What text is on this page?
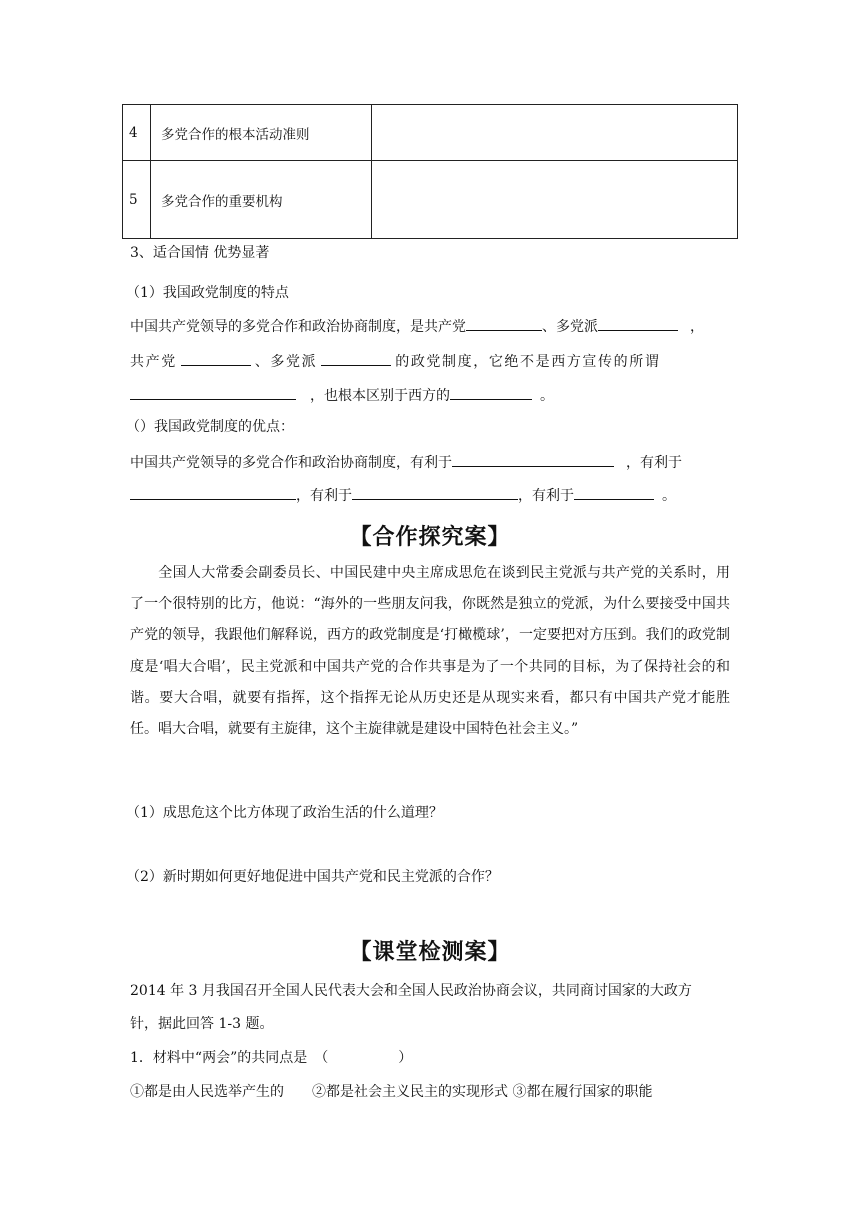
4	多党合作的根本活动准则	
5	多党合作的重要机构	
3、适合国情 优势显著
（1）我国政党制度的特点
中国共产党领导的多党合作和政治协商制度，是共产党	、多党派	，
共产党	、多党派	的政党制度，它绝不是西方宣传的所谓
，也根本区别于西方的	。
（）我国政党制度的优点：
中国共产党领导的多党合作和政治协商制度，有利于	，有利于
，有利于	，有利于	。
【合作探究案】
全国人大常委会副委员长、中国民建中央主席成思危在谈到民主党派与共产党的关系时，用了一个很特别的比方，他说：“海外的一些朋友问我，你既然是独立的党派，为什么要接受中国共产党的领导，我跟他们解释说，西方的政党制度是‘打橄榄球’，一定要把对方压到。我们的政党制度是‘唱大合唱’，民主党派和中国共产党的合作共事是为了一个共同的目标，为了保持社会的和谐。要大合唱，就要有指挥，这个指挥无论从历史还是从现实来看，都只有中国共产党才能胜任。唱大合唱，就要有主旋律，这个主旋律就是建设中国特色社会主义。”
（1）成思危这个比方体现了政治生活的什么道理？
（2）新时期如何更好地促进中国共产党和民主党派的合作？
【课堂检测案】
2014 年 3 月我国召开全国人民代表大会和全国人民政治协商会议，共同商讨国家的大政方
针，据此回答 1-3 题。
1．材料中“两会”的共同点是　（　　　　　）
①都是由人民选举产生的　　②都是社会主义民主的实现形式 ③都在履行国家的职能
